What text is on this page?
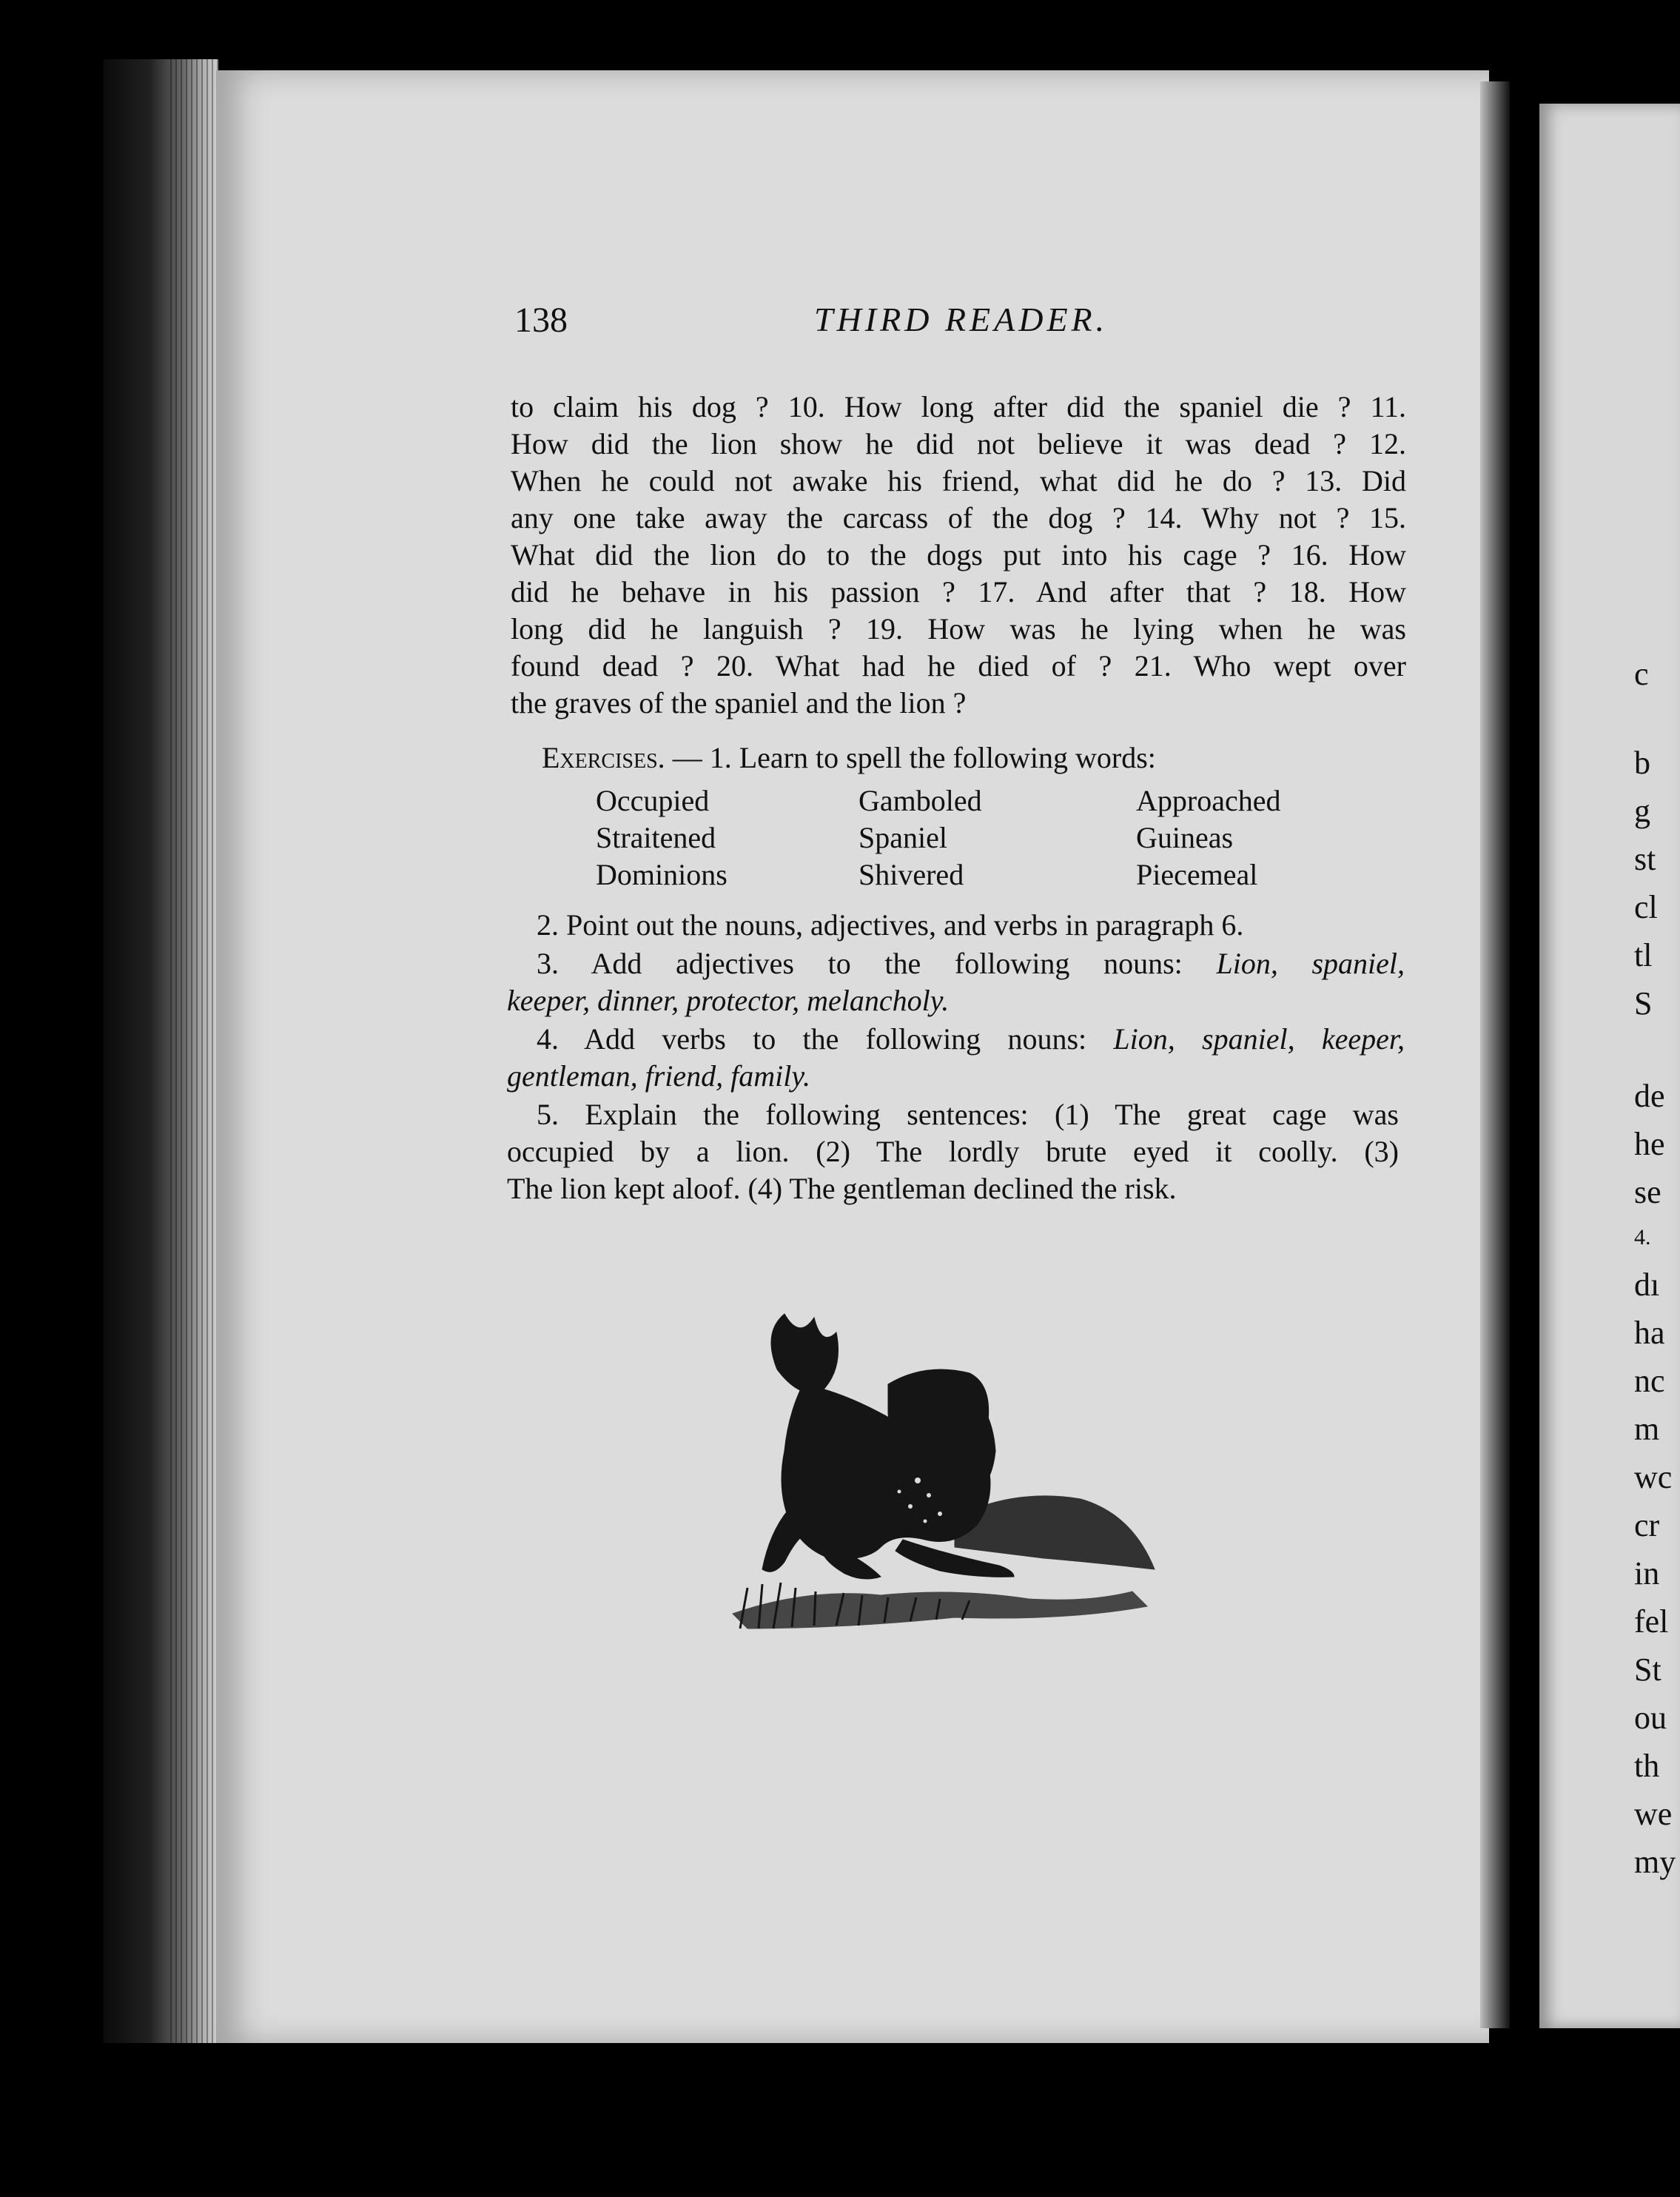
c
b
g
st
cl
tl
S
de
he
se
4.
dı
ha
nc
m
wc
cr
in
fel
St
ou
th
we
my
138	THIRD READER.
to claim his dog ? 10. How long after did the spaniel die ? 11.
How did the lion show he did not believe it was dead ? 12.
When he could not awake his friend, what did he do ? 13. Did
any one take away the carcass of the dog ? 14. Why not ? 15.
What did the lion do to the dogs put into his cage ? 16. How
did he behave in his passion ? 17. And after that ? 18. How
long did he languish ? 19. How was he lying when he was
found dead ? 20. What had he died of ? 21. Who wept over
the graves of the spaniel and the lion ?
Exercises. — 1. Learn to spell the following words:
Occupied	Gamboled	Approached
Straitened	Spaniel	Guineas
Dominions	Shivered	Piecemeal
2. Point out the nouns, adjectives, and verbs in paragraph 6.
3. Add adjectives to the following nouns: Lion, spaniel,
keeper, dinner, protector, melancholy.
4. Add verbs to the following nouns: Lion, spaniel, keeper,
gentleman, friend, family.
5. Explain the following sentences: (1) The great cage was
occupied by a lion. (2) The lordly brute eyed it coolly. (3)
The lion kept aloof. (4) The gentleman declined the risk.
